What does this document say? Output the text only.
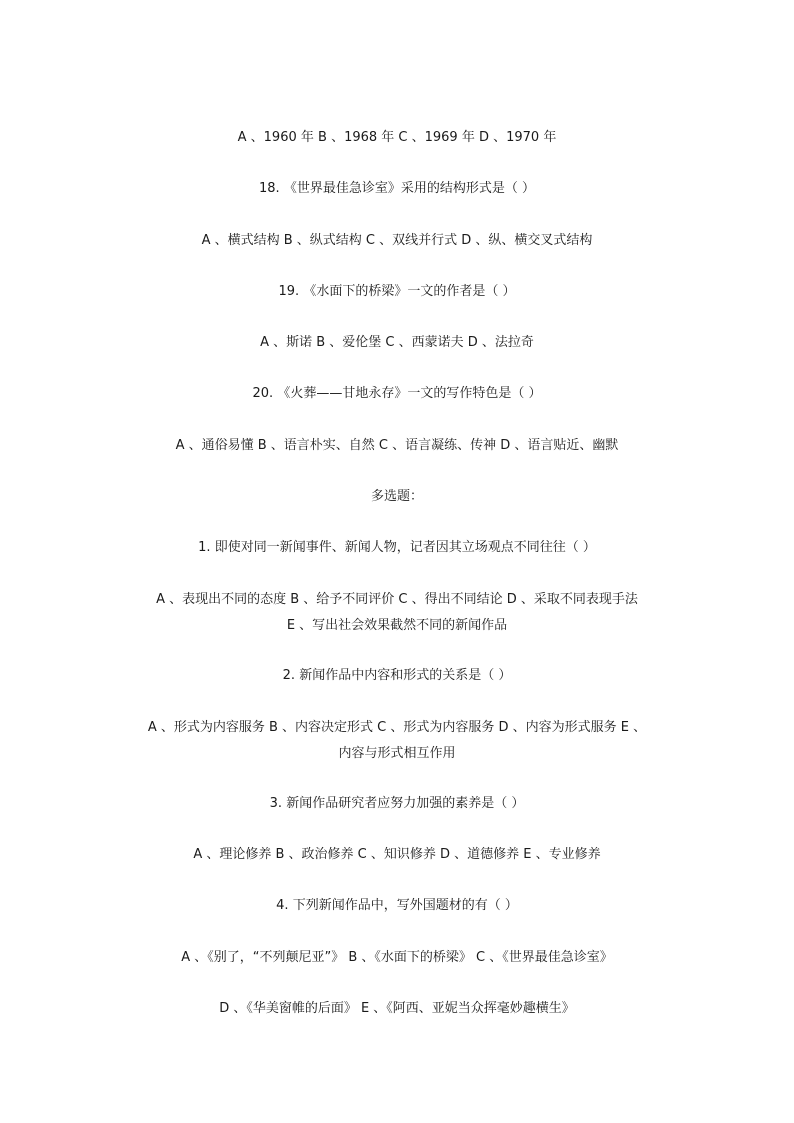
A 、1960 年 B 、1968 年 C 、1969 年 D 、1970 年
18. 《世界最佳急诊室》采用的结构形式是（ ）
A 、横式结构 B 、纵式结构 C 、双线并行式 D 、纵、横交叉式结构
19. 《水面下的桥梁》一文的作者是（ ）
A 、斯诺 B 、爱伦堡 C 、西蒙诺夫 D 、法拉奇
20. 《火葬——甘地永存》一文的写作特色是（ ）
A 、通俗易懂 B 、语言朴实、自然 C 、语言凝练、传神 D 、语言贴近、幽默
多选题：
1. 即使对同一新闻事件、新闻人物，记者因其立场观点不同往往（ ）
A 、表现出不同的态度 B 、给予不同评价 C 、得出不同结论 D 、采取不同表现手法
E 、写出社会效果截然不同的新闻作品
2. 新闻作品中内容和形式的关系是（ ）
A 、形式为内容服务 B 、内容决定形式 C 、形式为内容服务 D 、内容为形式服务 E 、
内容与形式相互作用
3. 新闻作品研究者应努力加强的素养是（ ）
A 、理论修养 B 、政治修养 C 、知识修养 D 、道德修养 E 、专业修养
4. 下列新闻作品中，写外国题材的有（ ）
A 、《别了，“不列颠尼亚”》 B 、《水面下的桥梁》 C 、《世界最佳急诊室》
D 、《华美窗帷的后面》 E 、《阿西、亚妮当众挥毫妙趣横生》
